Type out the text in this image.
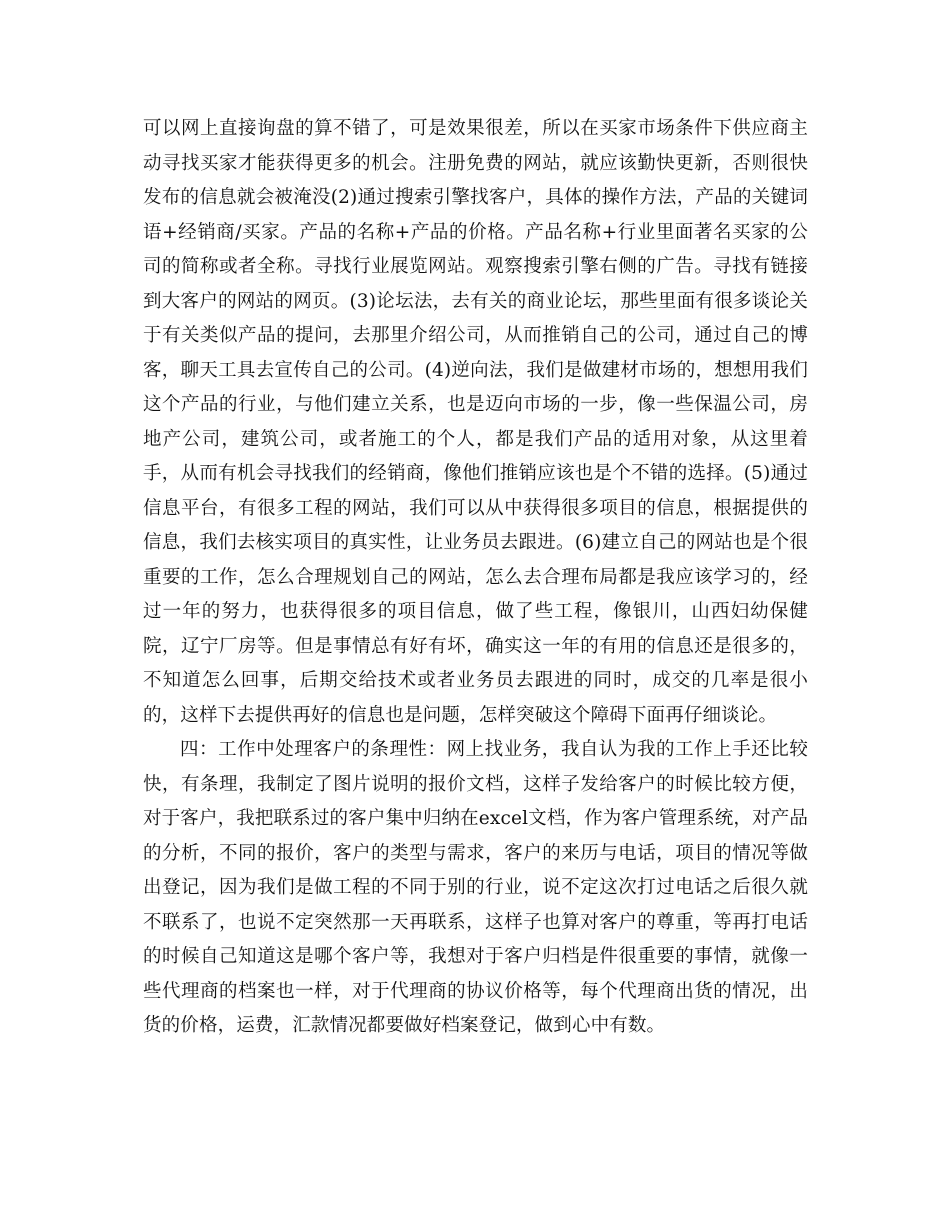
可以网上直接询盘的算不错了，可是效果很差，所以在买家市场条件下供应商主动寻找买家才能获得更多的机会。注册免费的网站，就应该勤快更新，否则很快发布的信息就会被淹没(2)通过搜索引擎找客户，具体的操作方法，产品的关键词语+经销商/买家。产品的名称+产品的价格。产品名称+行业里面著名买家的公司的简称或者全称。寻找行业展览网站。观察搜索引擎右侧的广告。寻找有链接到大客户的网站的网页。(3)论坛法，去有关的商业论坛，那些里面有很多谈论关于有关类似产品的提问，去那里介绍公司，从而推销自己的公司，通过自己的博客，聊天工具去宣传自己的公司。(4)逆向法，我们是做建材市场的，想想用我们这个产品的行业，与他们建立关系，也是迈向市场的一步，像一些保温公司，房地产公司，建筑公司，或者施工的个人，都是我们产品的适用对象，从这里着手，从而有机会寻找我们的经销商，像他们推销应该也是个不错的选择。(5)通过信息平台，有很多工程的网站，我们可以从中获得很多项目的信息，根据提供的信息，我们去核实项目的真实性，让业务员去跟进。(6)建立自己的网站也是个很重要的工作，怎么合理规划自己的网站，怎么去合理布局都是我应该学习的，经过一年的努力，也获得很多的项目信息，做了些工程，像银川，山西妇幼保健院，辽宁厂房等。但是事情总有好有坏，确实这一年的有用的信息还是很多的，不知道怎么回事，后期交给技术或者业务员去跟进的同时，成交的几率是很小的，这样下去提供再好的信息也是问题，怎样突破这个障碍下面再仔细谈论。

四：工作中处理客户的条理性：网上找业务，我自认为我的工作上手还比较快，有条理，我制定了图片说明的报价文档，这样子发给客户的时候比较方便，对于客户，我把联系过的客户集中归纳在excel文档，作为客户管理系统，对产品的分析，不同的报价，客户的类型与需求，客户的来历与电话，项目的情况等做出登记，因为我们是做工程的不同于别的行业，说不定这次打过电话之后很久就不联系了，也说不定突然那一天再联系，这样子也算对客户的尊重，等再打电话的时候自己知道这是哪个客户等，我想对于客户归档是件很重要的事情，就像一些代理商的档案也一样，对于代理商的协议价格等，每个代理商出货的情况，出货的价格，运费，汇款情况都要做好档案登记，做到心中有数。
